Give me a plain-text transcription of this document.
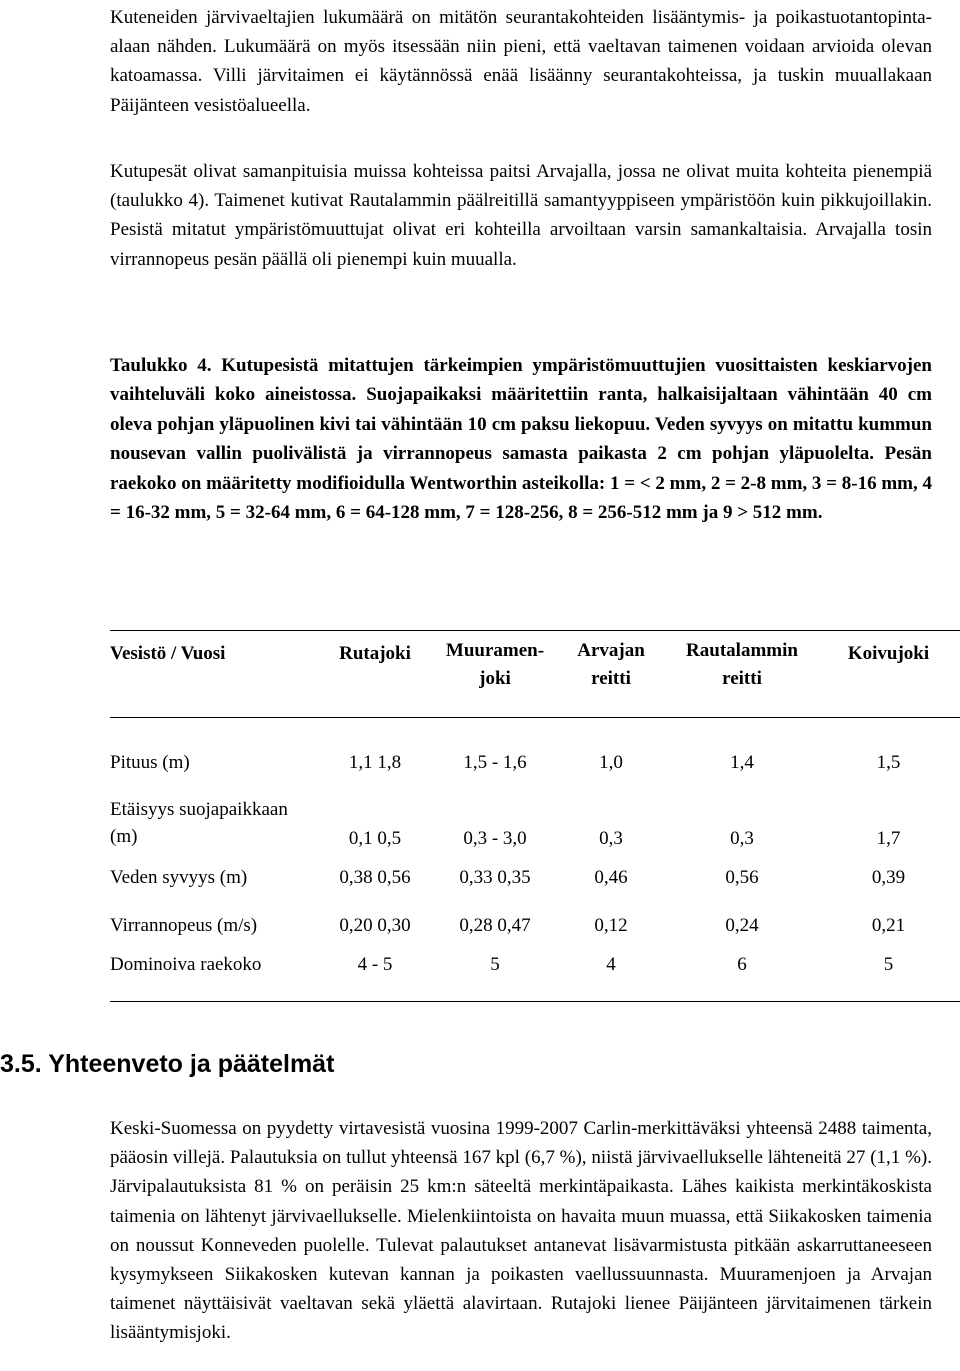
Kuteneiden järvivaeltajien lukumäärä on mitätön seurantakohteiden lisääntymis- ja poikastuotantopinta-alaan nähden. Lukumäärä on myös itsessään niin pieni, että vaeltavan taimenen voidaan arvioida olevan katoamassa. Villi järvitaimen ei käytännössä enää lisäänny seurantakohteissa, ja tuskin muuallakaan Päijänteen vesistöalueella.

Kutupesät olivat samanpituisia muissa kohteissa paitsi Arvajalla, jossa ne olivat muita kohteita pienempiä (taulukko 4). Taimenet kutivat Rautalammin päälreitillä samantyyppiseen ympäristöön kuin pikkujoillakin. Pesistä mitatut ympäristömuuttujat olivat eri kohteilla arvoiltaan varsin samankaltaisia. Arvajalla tosin virrannopeus pesän päällä oli pienempi kuin muualla.

Taulukko 4. Kutupesistä mitattujen tärkeimpien ympäristömuuttujien vuosittaisten keskiarvojen vaihteluväli koko aineistossa. Suojapaikaksi määritettiin ranta, halkaisijaltaan vähintään 40 cm oleva pohjan yläpuolinen kivi tai vähintään 10 cm paksu liekopuu. Veden syvyys on mitattu kummun nousevan vallin puolivälistä ja virrannopeus samasta paikasta 2 cm pohjan yläpuolelta. Pesän raekoko on määritetty modifioidulla Wentworthin asteikolla: 1 = < 2 mm, 2 = 2-8 mm, 3 = 8-16 mm, 4 = 16-32 mm, 5 = 32-64 mm, 6 = 64-128 mm, 7 = 128-256, 8 = 256-512 mm ja 9 > 512 mm.

Vesistö / Vuosi	Rutajoki	Muuramen-joki	Arvajan reitti	Rautalammin reitti	Koivujoki
Pituus (m)	1,1 1,8	1,5 - 1,6	1,0	1,4	1,5
Etäisyys suojapaikkaan (m)	0,1 0,5	0,3 - 3,0	0,3	0,3	1,7
Veden syvyys (m)	0,38 0,56	0,33 0,35	0,46	0,56	0,39
Virrannopeus (m/s)	0,20 0,30	0,28 0,47	0,12	0,24	0,21
Dominoiva raekoko	4 - 5	5	4	6	5
3.5. Yhteenveto ja päätelmät

Keski-Suomessa on pyydetty virtavesistä vuosina 1999-2007 Carlin-merkittäväksi yhteensä 2488 taimenta, pääosin villejä. Palautuksia on tullut yhteensä 167 kpl (6,7 %), niistä järvivaellukselle lähteneitä 27 (1,1 %). Järvipalautuksista 81 % on peräisin 25 km:n säteeltä merkintäpaikasta. Lähes kaikista merkintäkoskista taimenia on lähtenyt järvivaellukselle. Mielenkiintoista on havaita muun muassa, että Siikakosken taimenia on noussut Konneveden puolelle. Tulevat palautukset antanevat lisävarmistusta pitkään askarruttaneeseen kysymykseen Siikakosken kutevan kannan ja poikasten vaellussuunnasta. Muuramenjoen ja Arvajan taimenet näyttäisivät vaeltavan sekä yläettä alavirtaan. Rutajoki lienee Päijänteen järvitaimenen tärkein lisääntymisjoki.
